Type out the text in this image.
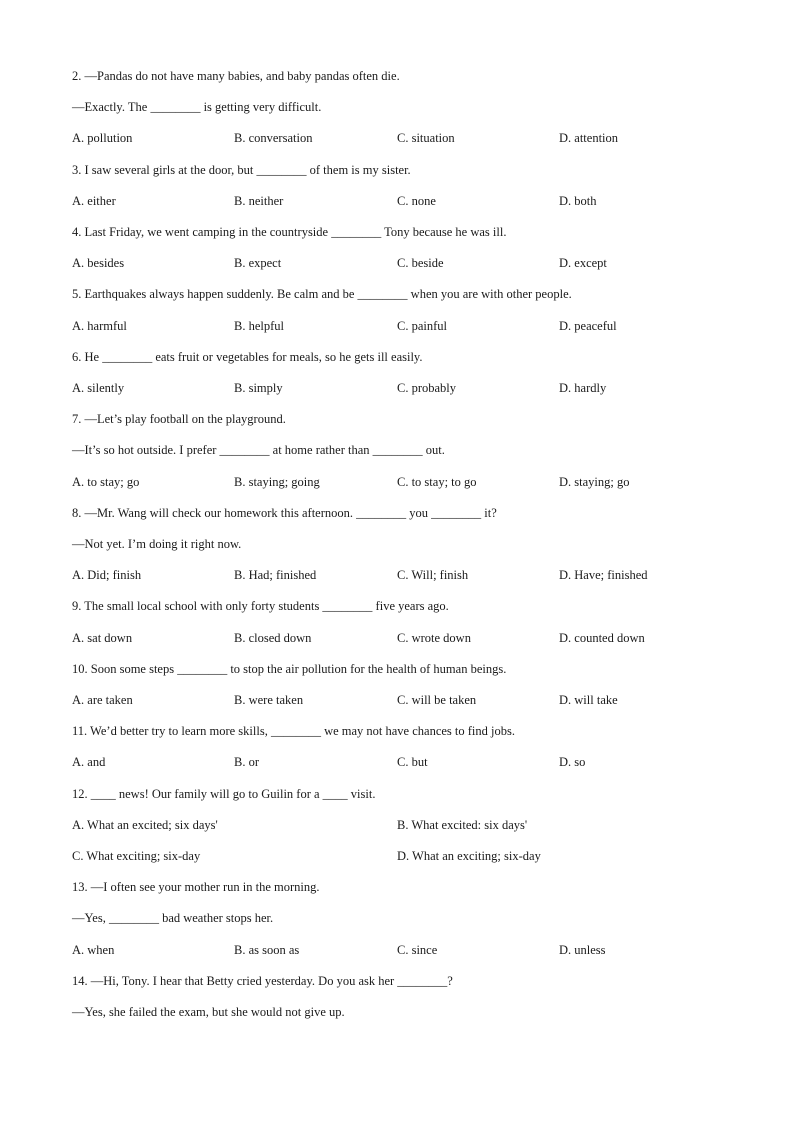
2. —Pandas do not have many babies, and baby pandas often die.
—Exactly. The ________ is getting very difficult.
A. pollution	B. conversation	C. situation	D. attention
3. I saw several girls at the door, but ________ of them is my sister.
A. either	B. neither	C. none	D. both
4. Last Friday, we went camping in the countryside ________ Tony because he was ill.
A. besides	B. expect	C. beside	D. except
5. Earthquakes always happen suddenly. Be calm and be ________ when you are with other people.
A. harmful	B. helpful	C. painful	D. peaceful
6. He ________ eats fruit or vegetables for meals, so he gets ill easily.
A. silently	B. simply	C. probably	D. hardly
7. —Let’s play football on the playground.
—It’s so hot outside. I prefer ________ at home rather than ________ out.
A. to stay; go	B. staying; going	C. to stay; to go	D. staying; go
8. —Mr. Wang will check our homework this afternoon. ________ you ________ it?
—Not yet. I’m doing it right now.
A. Did; finish	B. Had; finished	C. Will; finish	D. Have; finished
9. The small local school with only forty students ________ five years ago.
A. sat down	B. closed down	C. wrote down	D. counted down
10. Soon some steps ________ to stop the air pollution for the health of human beings.
A. are taken	B. were taken	C. will be taken	D. will take
11. We’d better try to learn more skills, ________ we may not have chances to find jobs.
A. and	B. or	C. but	D. so
12. ____ news! Our family will go to Guilin for a ____ visit.
A. What an excited; six days'	B. What excited: six days'
C. What exciting; six-day	D. What an exciting; six-day
13. —I often see your mother run in the morning.
—Yes, ________ bad weather stops her.
A. when	B. as soon as	C. since	D. unless
14. —Hi, Tony. I hear that Betty cried yesterday. Do you ask her ________?
—Yes, she failed the exam, but she would not give up.
